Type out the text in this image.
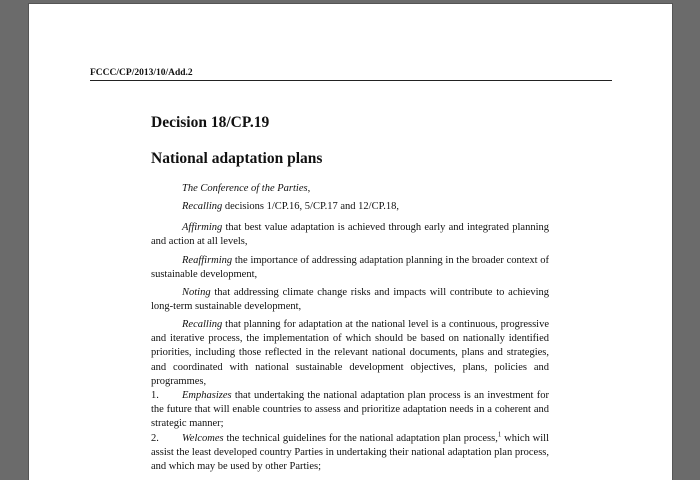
FCCC/CP/2013/10/Add.2
Decision 18/CP.19
National adaptation plans

The Conference of the Parties,

Recalling decisions 1/CP.16, 5/CP.17 and 12/CP.18,

Affirming that best value adaptation is achieved through early and integrated planning and action at all levels,

Reaffirming the importance of addressing adaptation planning in the broader context of sustainable development,

Noting that addressing climate change risks and impacts will contribute to achieving long-term sustainable development,

Recalling that planning for adaptation at the national level is a continuous, progressive and iterative process, the implementation of which should be based on nationally identified priorities, including those reflected in the relevant national documents, plans and strategies, and coordinated with national sustainable development objectives, plans, policies and programmes,

1. Emphasizes that undertaking the national adaptation plan process is an investment for the future that will enable countries to assess and prioritize adaptation needs in a coherent and strategic manner;

2. Welcomes the technical guidelines for the national adaptation plan process,$^1$ which will assist the least developed country Parties in undertaking their national adaptation plan process, and which may be used by other Parties;
